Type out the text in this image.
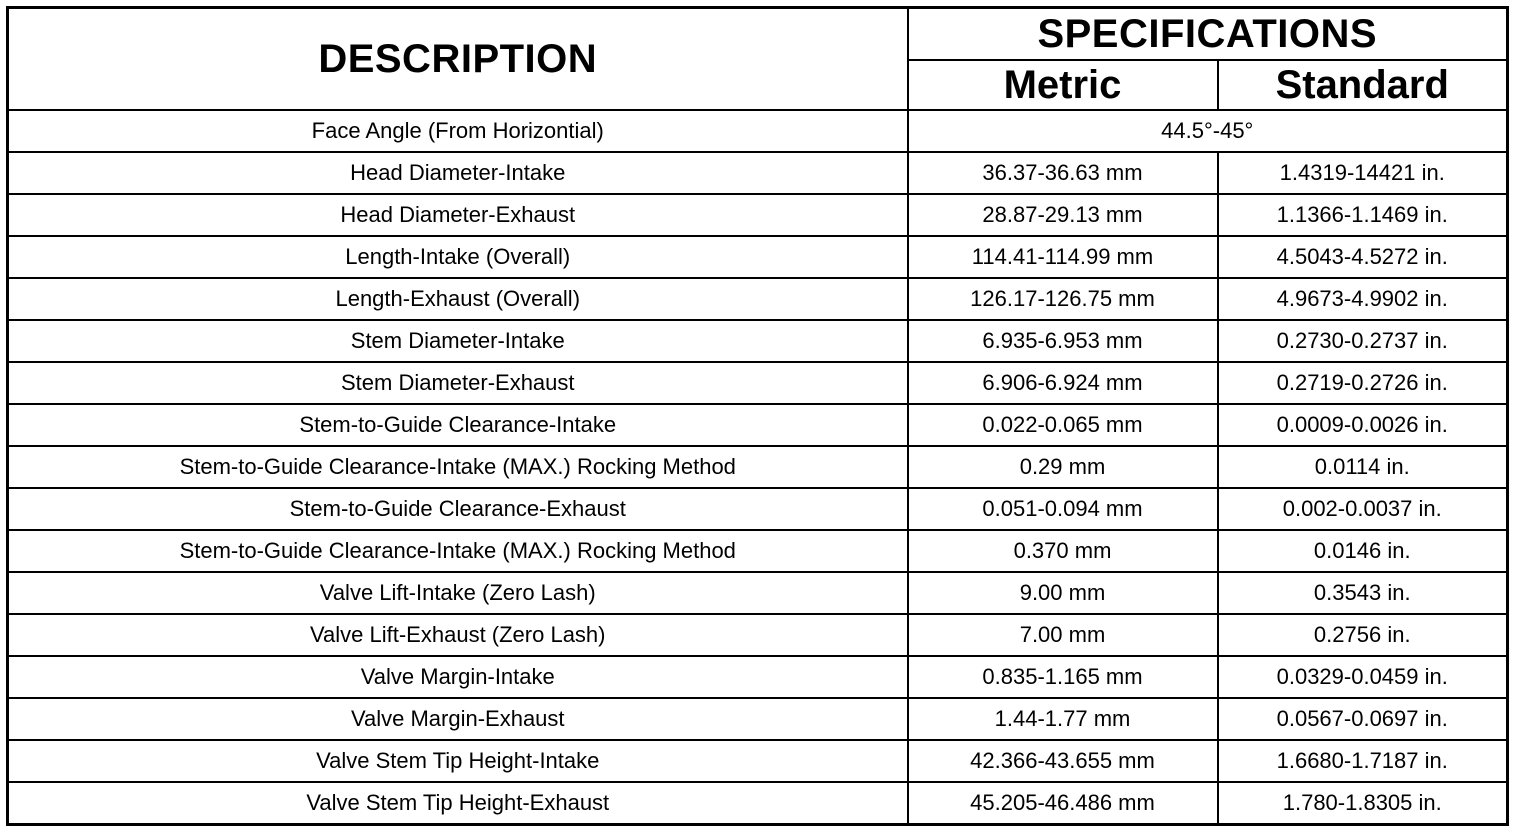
DESCRIPTION	SPECIFICATIONS	
	Metric	Standard
Face Angle (From Horizontial)	44.5°-45°	
Head Diameter-Intake	36.37-36.63 mm	1.4319-14421 in.
Head Diameter-Exhaust	28.87-29.13 mm	1.1366-1.1469 in.
Length-Intake (Overall)	114.41-114.99 mm	4.5043-4.5272 in.
Length-Exhaust (Overall)	126.17-126.75 mm	4.9673-4.9902 in.
Stem Diameter-Intake	6.935-6.953 mm	0.2730-0.2737 in.
Stem Diameter-Exhaust	6.906-6.924 mm	0.2719-0.2726 in.
Stem-to-Guide Clearance-Intake	0.022-0.065 mm	0.0009-0.0026 in.
Stem-to-Guide Clearance-Intake (MAX.) Rocking Method	0.29 mm	0.0114 in.
Stem-to-Guide Clearance-Exhaust	0.051-0.094 mm	0.002-0.0037 in.
Stem-to-Guide Clearance-Intake (MAX.) Rocking Method	0.370 mm	0.0146 in.
Valve Lift-Intake (Zero Lash)	9.00 mm	0.3543 in.
Valve Lift-Exhaust (Zero Lash)	7.00 mm	0.2756 in.
Valve Margin-Intake	0.835-1.165 mm	0.0329-0.0459 in.
Valve Margin-Exhaust	1.44-1.77 mm	0.0567-0.0697 in.
Valve Stem Tip Height-Intake	42.366-43.655 mm	1.6680-1.7187 in.
Valve Stem Tip Height-Exhaust	45.205-46.486 mm	1.780-1.8305 in.
